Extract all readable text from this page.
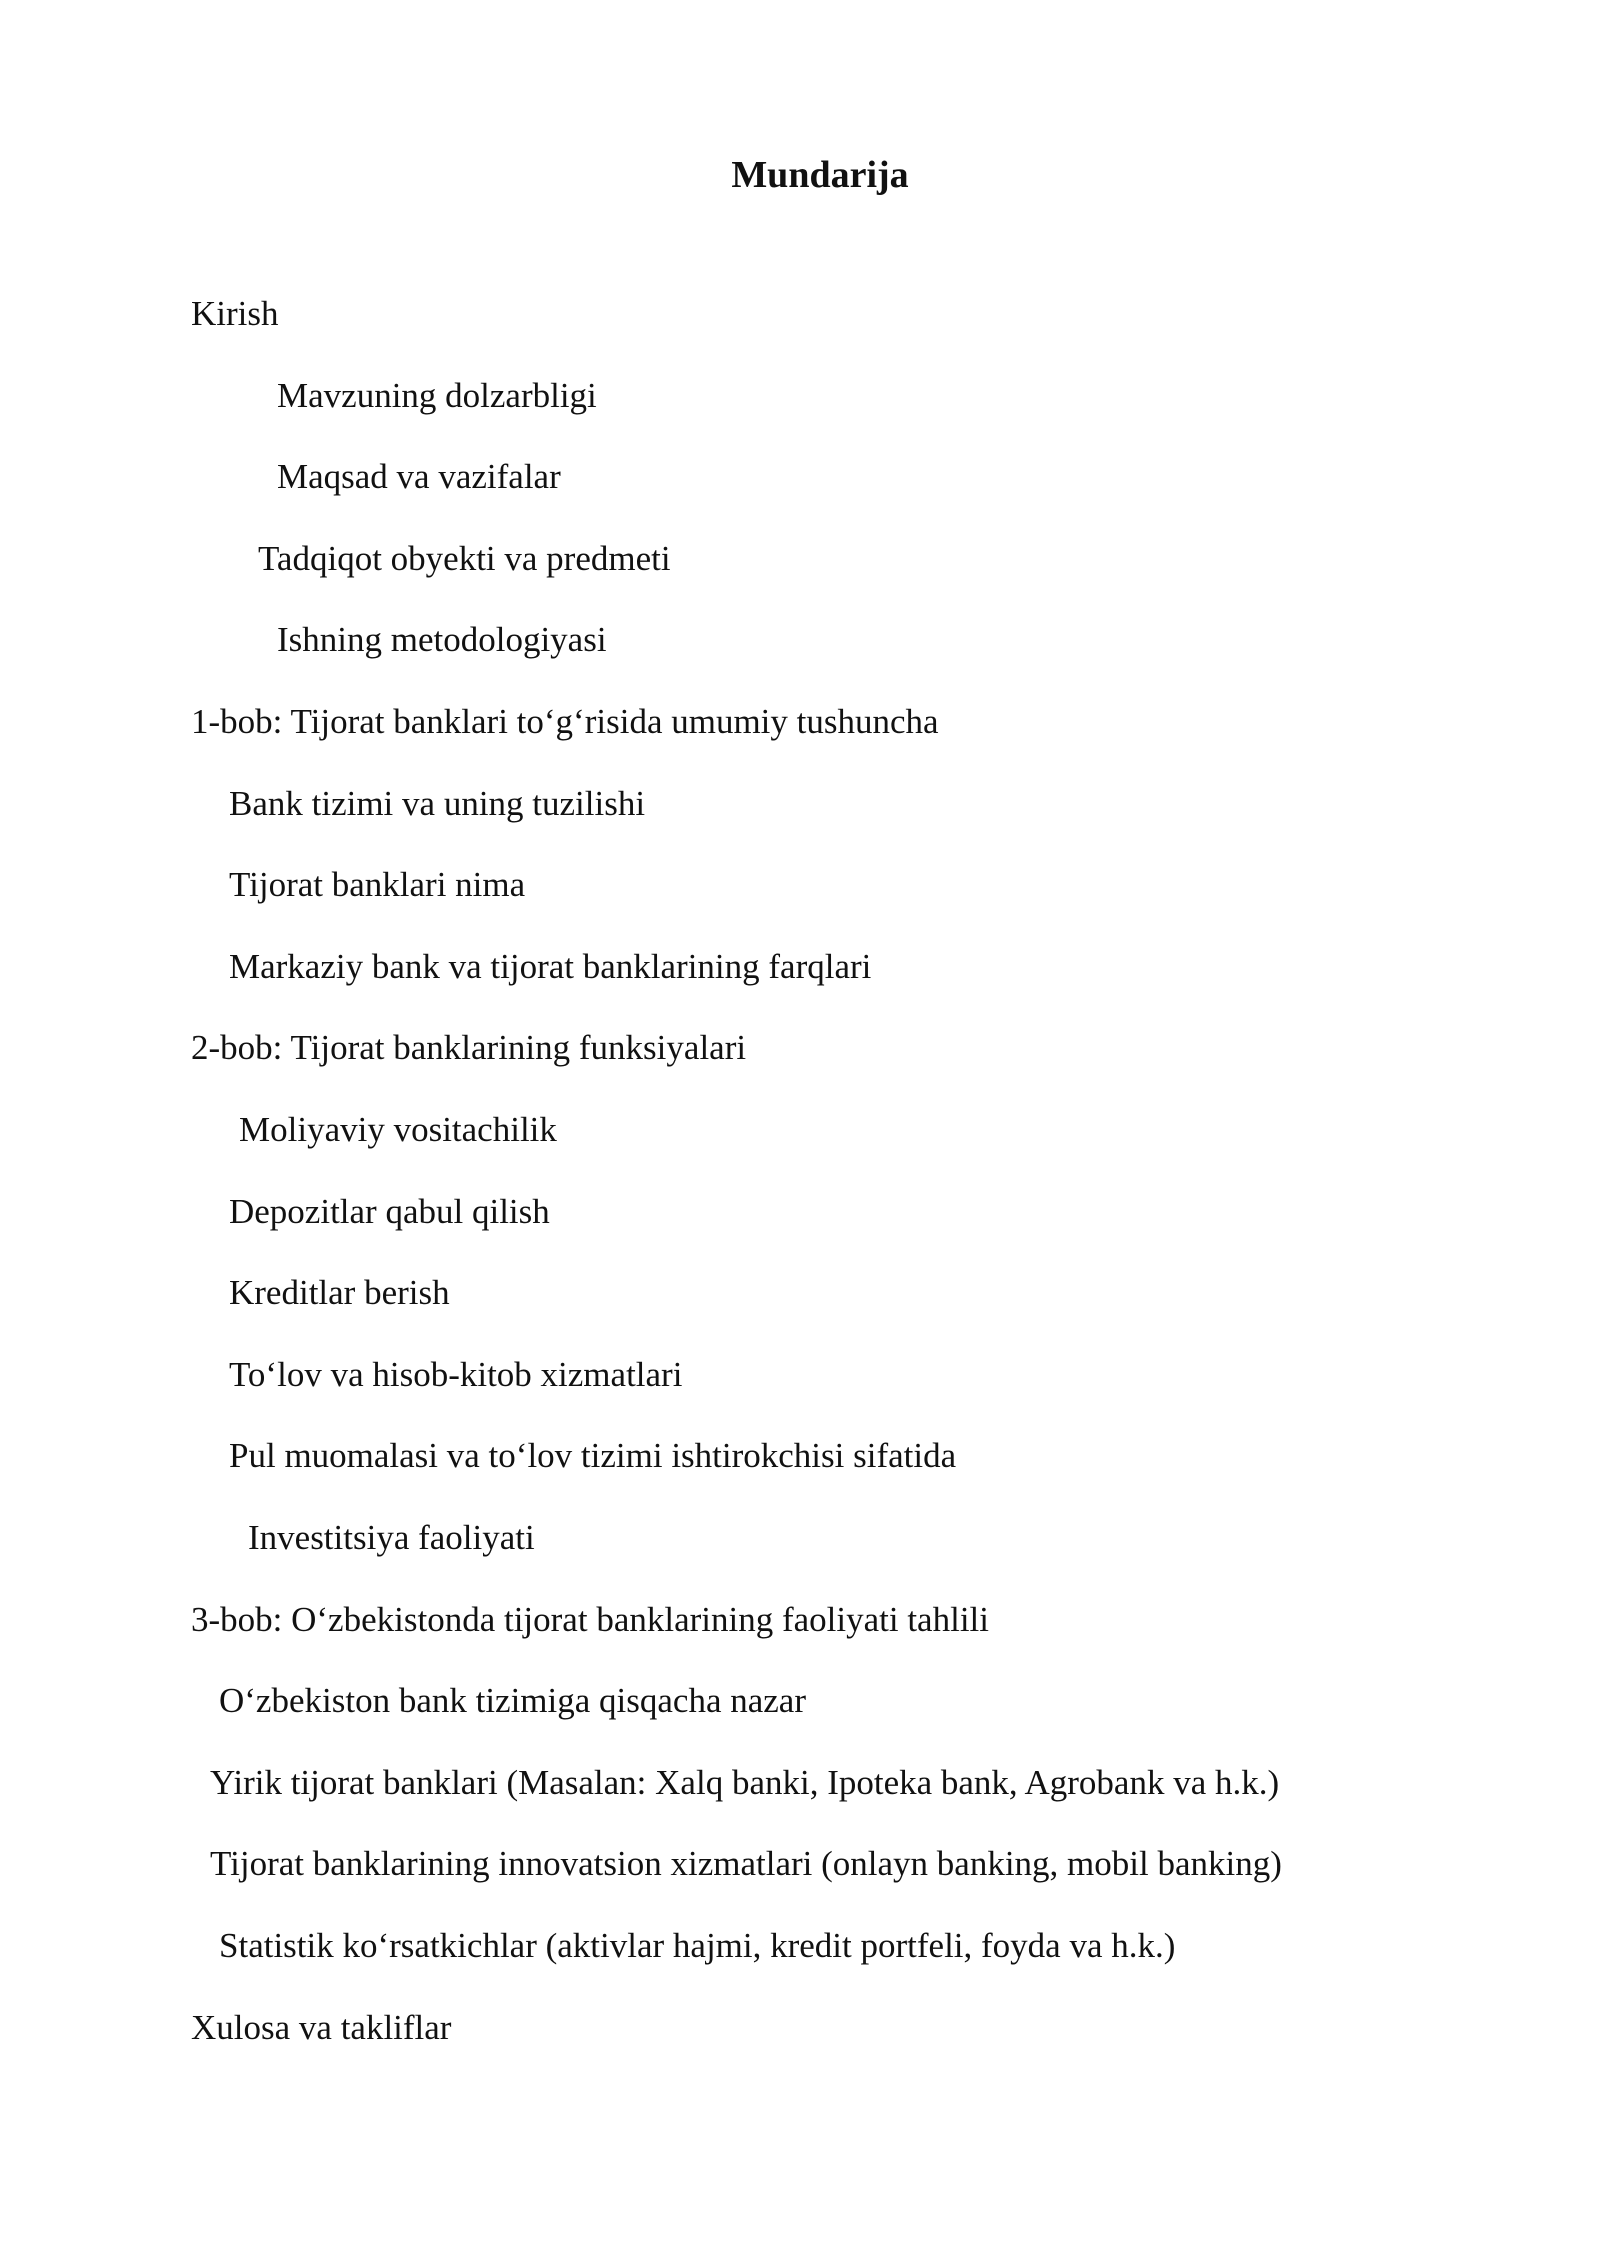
Mundarija
Kirish
Mavzuning dolzarbligi
Maqsad va vazifalar
Tadqiqot obyekti va predmeti
Ishning metodologiyasi
1-bob: Tijorat banklari to‘g‘risida umumiy tushuncha
Bank tizimi va uning tuzilishi
Tijorat banklari nima
Markaziy bank va tijorat banklarining farqlari
2-bob: Tijorat banklarining funksiyalari
Moliyaviy vositachilik
Depozitlar qabul qilish
Kreditlar berish
To‘lov va hisob-kitob xizmatlari
Pul muomalasi va to‘lov tizimi ishtirokchisi sifatida
Investitsiya faoliyati
3-bob: O‘zbekistonda tijorat banklarining faoliyati tahlili
O‘zbekiston bank tizimiga qisqacha nazar
Yirik tijorat banklari (Masalan: Xalq banki, Ipoteka bank, Agrobank va h.k.)
Tijorat banklarining innovatsion xizmatlari (onlayn banking, mobil banking)
Statistik ko‘rsatkichlar (aktivlar hajmi, kredit portfeli, foyda va h.k.)
Xulosa va takliflar
